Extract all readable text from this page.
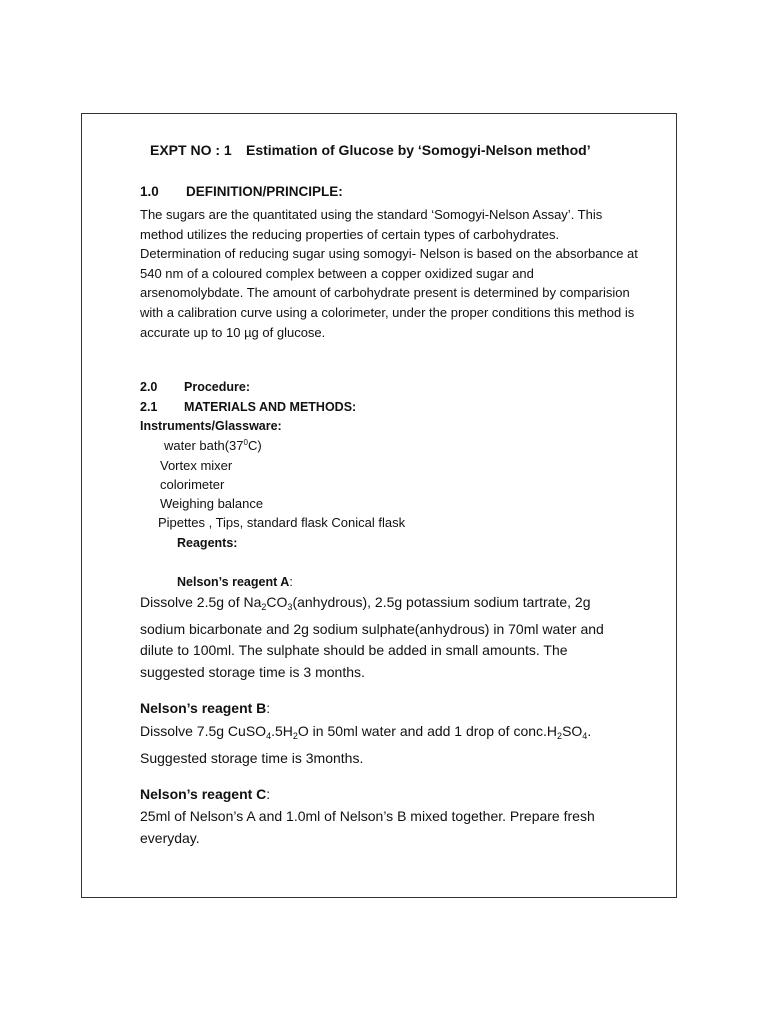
EXPT NO : 1 Estimation of Glucose by ‘Somogyi-Nelson method’
1.0 DEFINITION/PRINCIPLE:
The sugars are the quantitated using the standard ‘Somogyi-Nelson Assay’. This
method utilizes the reducing properties of certain types of carbohydrates.
Determination of reducing sugar using somogyi- Nelson is based on the absorbance at
540 nm of a coloured complex between a copper oxidized sugar and
arsenomolybdate. The amount of carbohydrate present is determined by comparision
with a calibration curve using a colorimeter, under the proper conditions this method is
accurate up to 10 µg of glucose.
2.0 Procedure:
2.1 MATERIALS AND METHODS:
Instruments/Glassware:
water $bath(37^0C)$
Vortex mixer
colorimeter
Weighing balance
Pipettes , Tips, standard flask Conical flask
Reagents:
Nelson’s reagent A:
Dissolve 2.5g of $Na_2CO_3(anhydrous)$, 2.5g potassium sodium tartrate, 2g
sodium bicarbonate and 2g sodium sulphate(anhydrous) in 70ml water and
dilute to 100ml. The sulphate should be added in small amounts. The
suggested storage time is 3 months.
Nelson’s reagent B:
Dissolve 7.5g $CuSO_4.5H_2O$ in 50ml water and add 1 drop of $conc.H_2SO_4$.
Suggested storage time is 3months.
Nelson’s reagent C:
25ml of Nelson’s A and 1.0ml of Nelson’s B mixed together. Prepare fresh
everyday.
